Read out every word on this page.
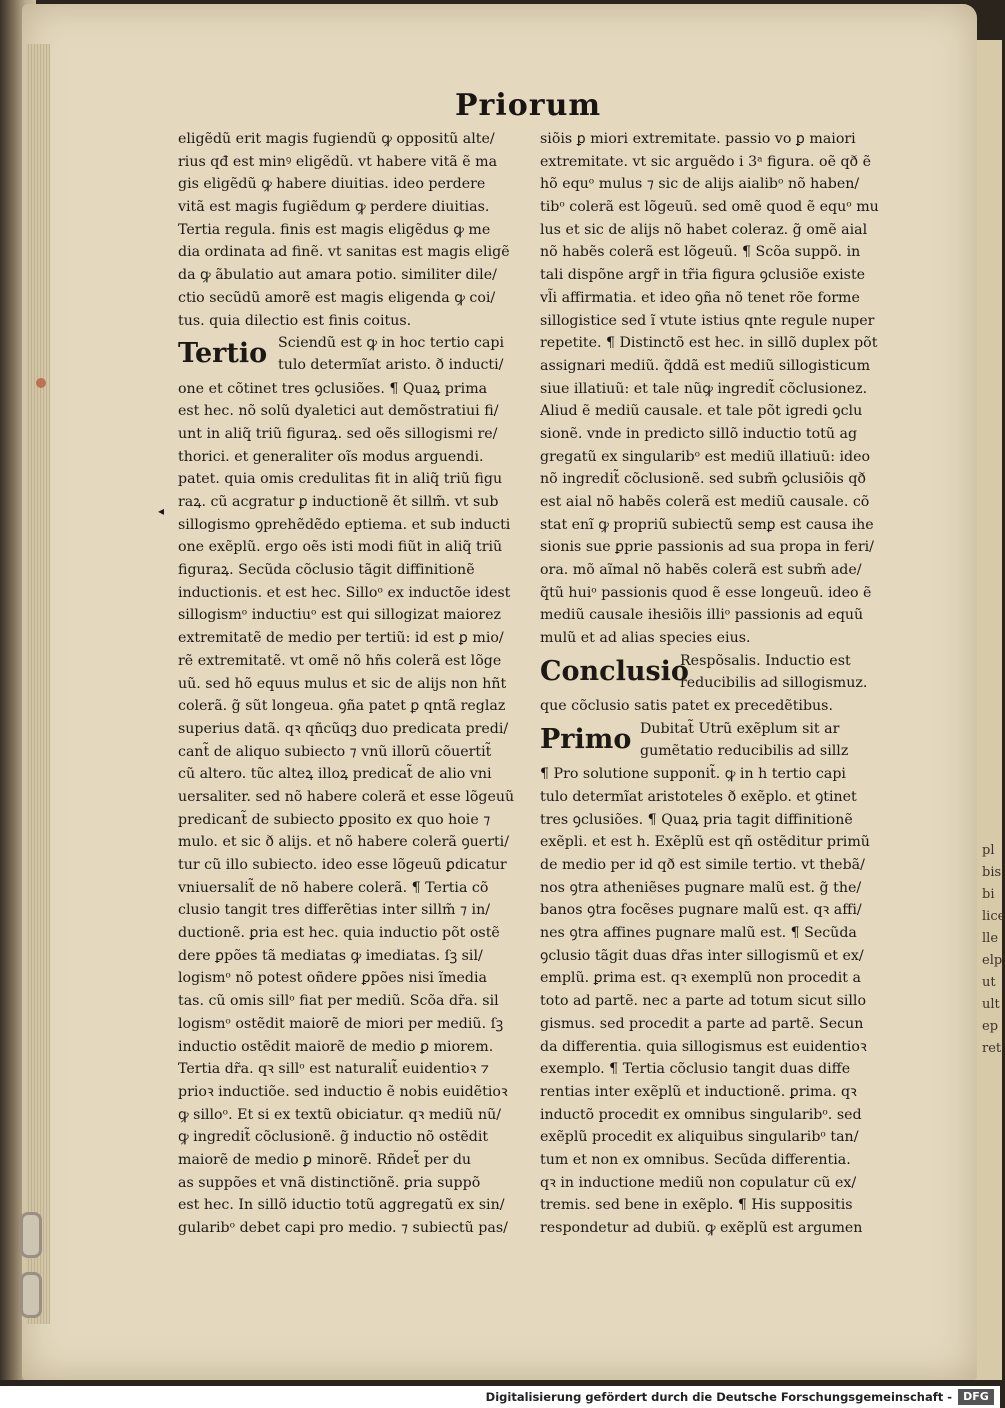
pl
bis
bi
lice
lle
elp
ut
ult
ep
ret
◂
Priorum
eligẽdũ erit magis fugiendũ ꝙ oppositũ alte/
rius qđ est minꝰ eligẽdũ. vt habere vitã ẽ ma
gis eligẽdũ ꝙ habere diuitias. ideo perdere
vitã est magis fugiẽdum ꝙ perdere diuitias.
Tertia regula. finis est magis eligẽdus ꝙ me
dia ordinata ad finẽ. vt sanitas est magis eligẽ
da ꝙ ãbulatio aut amara potio. similiter dile/
ctio secũdũ amorẽ est magis eligenda ꝙ coi/
tus. quia dilectio est finis coitus.
Tertio Sciendũ est ꝙ in hoc tertio capi
tulo determĩat aristo. ð inducti/
one et cõtinet tres ꝯclusiões. ¶ Quaꝝ prima
est hec. nõ solũ dyaletici aut demõstratiui fi/
unt in aliq̃ triũ figuraꝝ. sed oẽs sillogismi re/
thorici. et generaliter oĩs modus arguendi.
patet. quia omis credulitas fit in aliq̃ triũ figu
raꝝ. cũ acgratur ꝑ inductionẽ ẽt sillm̃. vt sub
sillogismo ꝯprehẽdẽdo eptiema. et sub inducti
one exẽplũ. ergo oẽs isti modi fiũt in aliq̃ triũ
figuraꝝ. Secũda cõclusio tãgit diffinitionẽ
inductionis. et est hec. Silloᵒ ex inductõe idest
sillogismᵒ inductiuᵒ est qui sillogizat maiorez
extremitatẽ de medio per tertiũ: id est ꝑ mio/
rẽ extremitatẽ. vt omẽ nõ hñs colerã est lõge
uũ. sed hõ equus mulus et sic de alijs non hñt
colerã. g̃ sũt longeua. ꝯña patet ꝑ qntã reglaz
superius datã. qꝛ qñcũqꝫ duo predicata predi/
cant̃ de aliquo subiecto ⁊ vnũ illorũ cõuertit̃
cũ altero. tũc alteꝝ illoꝝ predicat̃ de alio vni
uersaliter. sed nõ habere colerã et esse lõgeuũ
predicant̃ de subiecto ꝑposito ex quo hoie ⁊
mulo. et sic ð alijs. et nõ habere colerã ꝯuerti/
tur cũ illo subiecto. ideo esse lõgeuũ ꝑdicatur
vniuersalit̃ de nõ habere colerã. ¶ Tertia cõ
clusio tangit tres differẽtias inter sillm̃ ⁊ in/
ductionẽ. ꝑria est hec. quia inductio põt ostẽ
dere ꝑpões tã mediatas ꝙ imediatas. ſꝫ sil/
logismᵒ nõ potest oñdere ꝑpões nisi ĩmedia
tas. cũ omis sillᵒ fiat per mediũ. Scõa dr̃a. sil
logismᵒ ostẽdit maiorẽ de miori per mediũ. ſꝫ
inductio ostẽdit maiorẽ de medio ꝑ miorem.
Tertia dr̃a. qꝛ sillᵒ est naturalit̃ euidentioꝛ ⁊
prioꝛ inductiõe. sed inductio ẽ nobis euidẽtioꝛ
ꝙ silloᵒ. Et si ex textũ obiciatur. qꝛ mediũ nũ/
ꝙ ingredit̃ cõclusionẽ. g̃ inductio nõ ostẽdit
maiorẽ de medio ꝑ minorẽ. Rñdet̃ per du
as suppões et vnã distinctiõnẽ. ꝑria suppõ
est hec. In sillõ iductio totũ aggregatũ ex sin/
gularibᵒ debet capi pro medio. ⁊ subiectũ pas/
siõis ꝑ miori extremitate. passio vo ꝑ maiori
extremitate. vt sic arguẽdo i 3ᵃ figura. oẽ qð ẽ
hõ equᵒ mulus ⁊ sic de alijs aialibᵒ nõ haben/
tibᵒ colerã est lõgeuũ. sed omẽ quod ẽ equᵒ mu
lus et sic de alijs nõ habet coleraz. g̃ omẽ aial
nõ habẽs colerã est lõgeuũ. ¶ Scõa suppõ. in
tali dispõne argr̃ in tr̃ia figura ꝯclusiõe existe
vl̃i affirmatia. et ideo ꝯña nõ tenet rõe forme
sillogistice sed ĩ vtute istius qnte regule nuper
repetite. ¶ Distinctõ est hec. in sillõ duplex põt
assignari mediũ. q̃ddã est mediũ sillogisticum
siue illatiuũ: et tale nũꝙ ingredit̃ cõclusionez.
Aliud ẽ mediũ causale. et tale põt igredi ꝯclu
sionẽ. vnde in predicto sillõ inductio totũ ag
gregatũ ex singularibᵒ est mediũ illatiuũ: ideo
nõ ingredit̃ cõclusionẽ. sed subm̃ ꝯclusiõis qð
est aial nõ habẽs colerã est mediũ causale. cõ
stat enĩ ꝙ propriũ subiectũ semꝑ est causa ihe
sionis sue ꝑprie passionis ad sua propa in feri/
ora. mõ aĩmal nõ habẽs colerã est subm̃ ade/
q̃tũ huiᵒ passionis quod ẽ esse longeuũ. ideo ẽ
mediũ causale ihesiõis illiᵒ passionis ad equũ
mulũ et ad alias species eius.
Conclusio
Respõsalis. Inductio est
reducibilis ad sillogismuz.
que cõclusio satis patet ex precedẽtibus.
Primo Dubitat̃ Utrũ exẽplum sit ar
gumẽtatio reducibilis ad sillz
¶ Pro solutione supponit̃. ꝙ in h tertio capi
tulo determĩat aristoteles ð exẽplo. et ꝯtinet
tres ꝯclusiões. ¶ Quaꝝ pria tagit diffinitionẽ
exẽpli. et est h. Exẽplũ est qñ ostẽditur primũ
de medio per id qð est simile tertio. vt thebã/
nos ꝯtra atheniẽses pugnare malũ est. g̃ the/
banos ꝯtra focẽses pugnare malũ est. qꝛ affi/
nes ꝯtra affines pugnare malũ est. ¶ Secũda
ꝯclusio tãgit duas dr̃as inter sillogismũ et ex/
emplũ. ꝑrima est. qꝛ exemplũ non procedit a
toto ad partẽ. nec a parte ad totum sicut sillo
gismus. sed procedit a parte ad partẽ. Secun
da differentia. quia sillogismus est euidentioꝛ
exemplo. ¶ Tertia cõclusio tangit duas diffe
rentias inter exẽplũ et inductionẽ. ꝑrima. qꝛ
inductõ procedit ex omnibus singularibᵒ. sed
exẽplũ procedit ex aliquibus singularibᵒ tan/
tum et non ex omnibus. Secũda differentia.
qꝛ in inductione mediũ non copulatur cũ ex/
tremis. sed bene in exẽplo. ¶ His suppositis
respondetur ad dubiũ. ꝙ exẽplũ est argumen
Digitalisierung gefördert durch die Deutsche Forschungsgemeinschaft -	DFG
